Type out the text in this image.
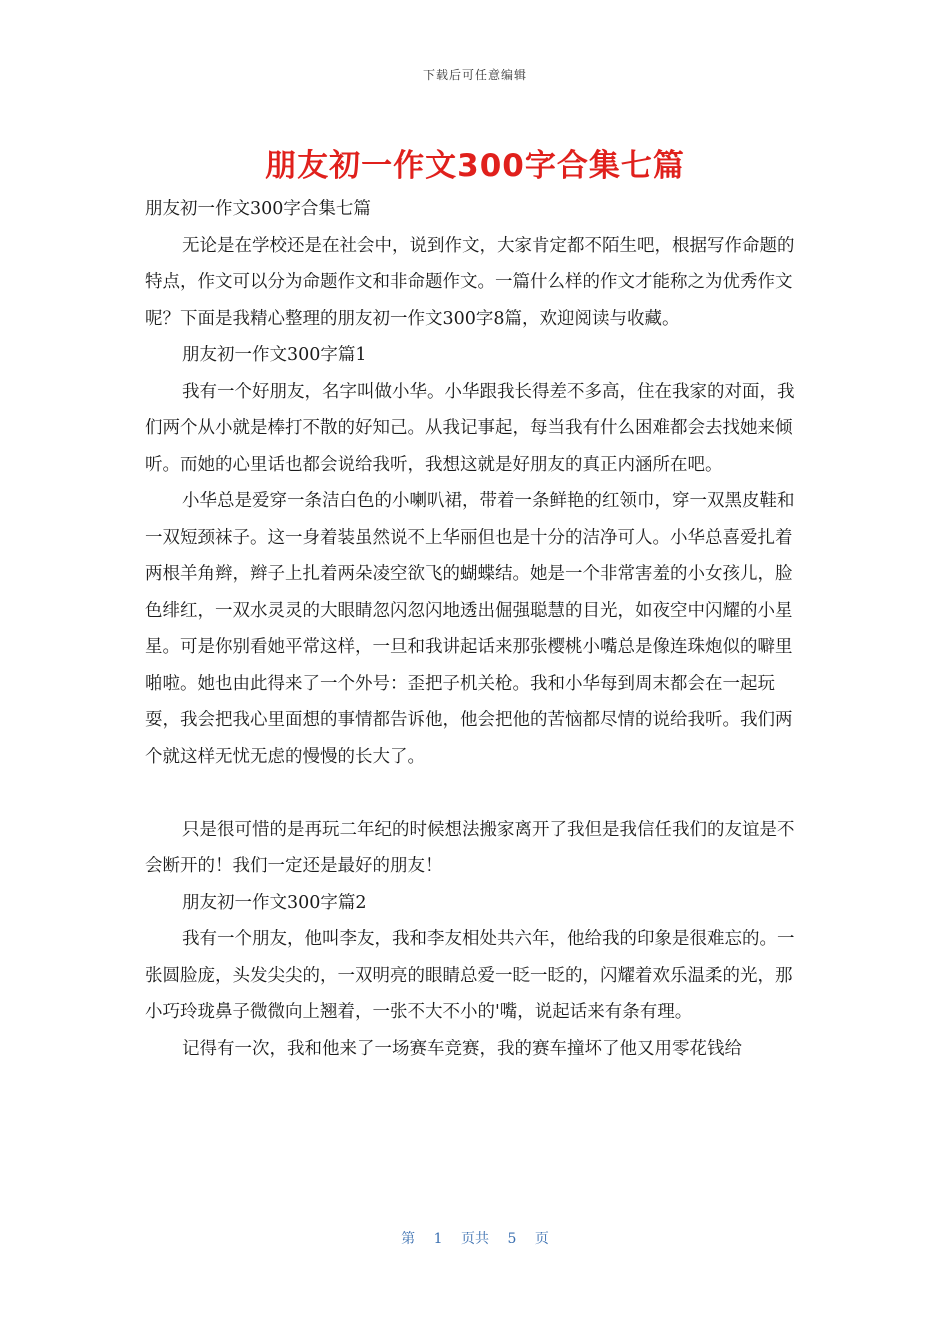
下载后可任意编辑
朋友初一作文300字合集七篇

朋友初一作文300字合集七篇

无论是在学校还是在社会中，说到作文，大家肯定都不陌生吧，根据写作命题的特点，作文可以分为命题作文和非命题作文。一篇什么样的作文才能称之为优秀作文呢？下面是我精心整理的朋友初一作文300字8篇，欢迎阅读与收藏。

朋友初一作文300字篇1

我有一个好朋友，名字叫做小华。小华跟我长得差不多高，住在我家的对面，我们两个从小就是棒打不散的好知己。从我记事起，每当我有什么困难都会去找她来倾听。而她的心里话也都会说给我听，我想这就是好朋友的真正内涵所在吧。

小华总是爱穿一条洁白色的小喇叭裙，带着一条鲜艳的红领巾，穿一双黑皮鞋和一双短颈袜子。这一身着装虽然说不上华丽但也是十分的洁净可人。小华总喜爱扎着两根羊角辫，辫子上扎着两朵凌空欲飞的蝴蝶结。她是一个非常害羞的小女孩儿，脸色绯红，一双水灵灵的大眼睛忽闪忽闪地透出倔强聪慧的目光，如夜空中闪耀的小星星。可是你别看她平常这样，一旦和我讲起话来那张樱桃小嘴总是像连珠炮似的噼里啪啦。她也由此得来了一个外号：歪把子机关枪。我和小华每到周末都会在一起玩耍，我会把我心里面想的事情都告诉他，他会把他的苦恼都尽情的说给我听。我们两个就这样无忧无虑的慢慢的长大了。

只是很可惜的是再玩二年纪的时候想法搬家离开了我但是我信任我们的友谊是不会断开的！我们一定还是最好的朋友！

朋友初一作文300字篇2

我有一个朋友，他叫李友，我和李友相处共六年，他给我的印象是很难忘的。一张圆脸庞，头发尖尖的，一双明亮的眼睛总爱一眨一眨的，闪耀着欢乐温柔的光，那小巧玲珑鼻子微微向上翘着，一张不大不小的'嘴，说起话来有条有理。

记得有一次，我和他来了一场赛车竞赛，我的赛车撞坏了他又用零花钱给

第 1 页共 5 页
